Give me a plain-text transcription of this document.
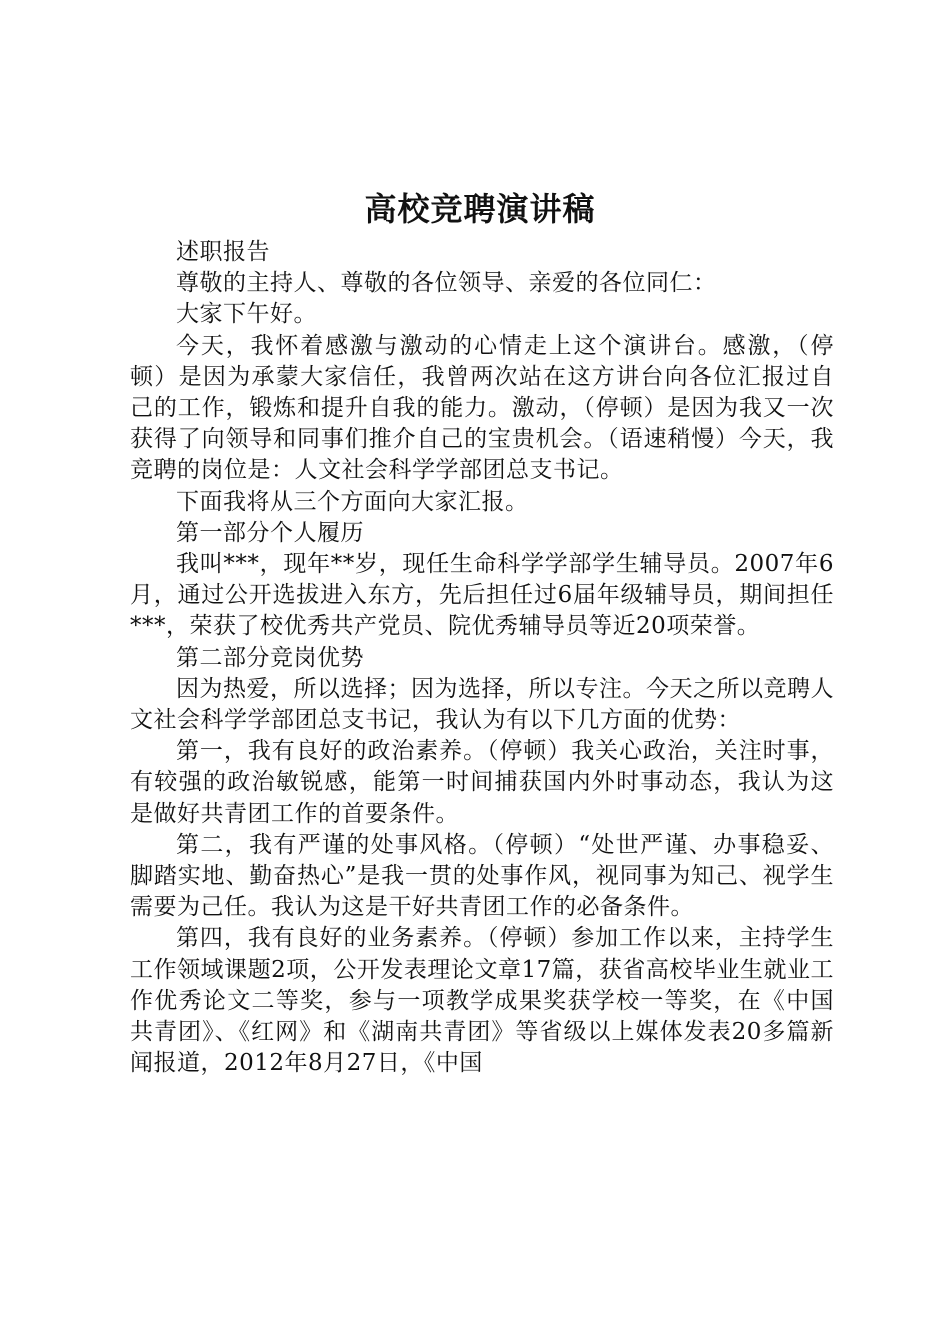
高校竞聘演讲稿

述职报告

尊敬的主持人、尊敬的各位领导、亲爱的各位同仁：

大家下午好。

今天，我怀着感激与激动的心情走上这个演讲台。感激，（停顿）是因为承蒙大家信任，我曾两次站在这方讲台向各位汇报过自己的工作，锻炼和提升自我的能力。激动，（停顿）是因为我又一次获得了向领导和同事们推介自己的宝贵机会。（语速稍慢）今天，我竞聘的岗位是：人文社会科学学部团总支书记。

下面我将从三个方面向大家汇报。

第一部分个人履历

我叫***，现年**岁，现任生命科学学部学生辅导员。2007年6月，通过公开选拔进入东方，先后担任过6届年级辅导员，期间担任***，荣获了校优秀共产党员、院优秀辅导员等近20项荣誉。

第二部分竞岗优势

因为热爱，所以选择；因为选择，所以专注。今天之所以竞聘人文社会科学学部团总支书记，我认为有以下几方面的优势：

第一，我有良好的政治素养。（停顿）我关心政治，关注时事，有较强的政治敏锐感，能第一时间捕获国内外时事动态，我认为这是做好共青团工作的首要条件。

第二，我有严谨的处事风格。（停顿）“处世严谨、办事稳妥、脚踏实地、勤奋热心”是我一贯的处事作风，视同事为知己、视学生需要为己任。我认为这是干好共青团工作的必备条件。

第四，我有良好的业务素养。（停顿）参加工作以来，主持学生工作领域课题2项，公开发表理论文章17篇，获省高校毕业生就业工作优秀论文二等奖，参与一项教学成果奖获学校一等奖，在《中国共青团》、《红网》和《湖南共青团》等省级以上媒体发表20多篇新闻报道，2012年8月27日，《中国
